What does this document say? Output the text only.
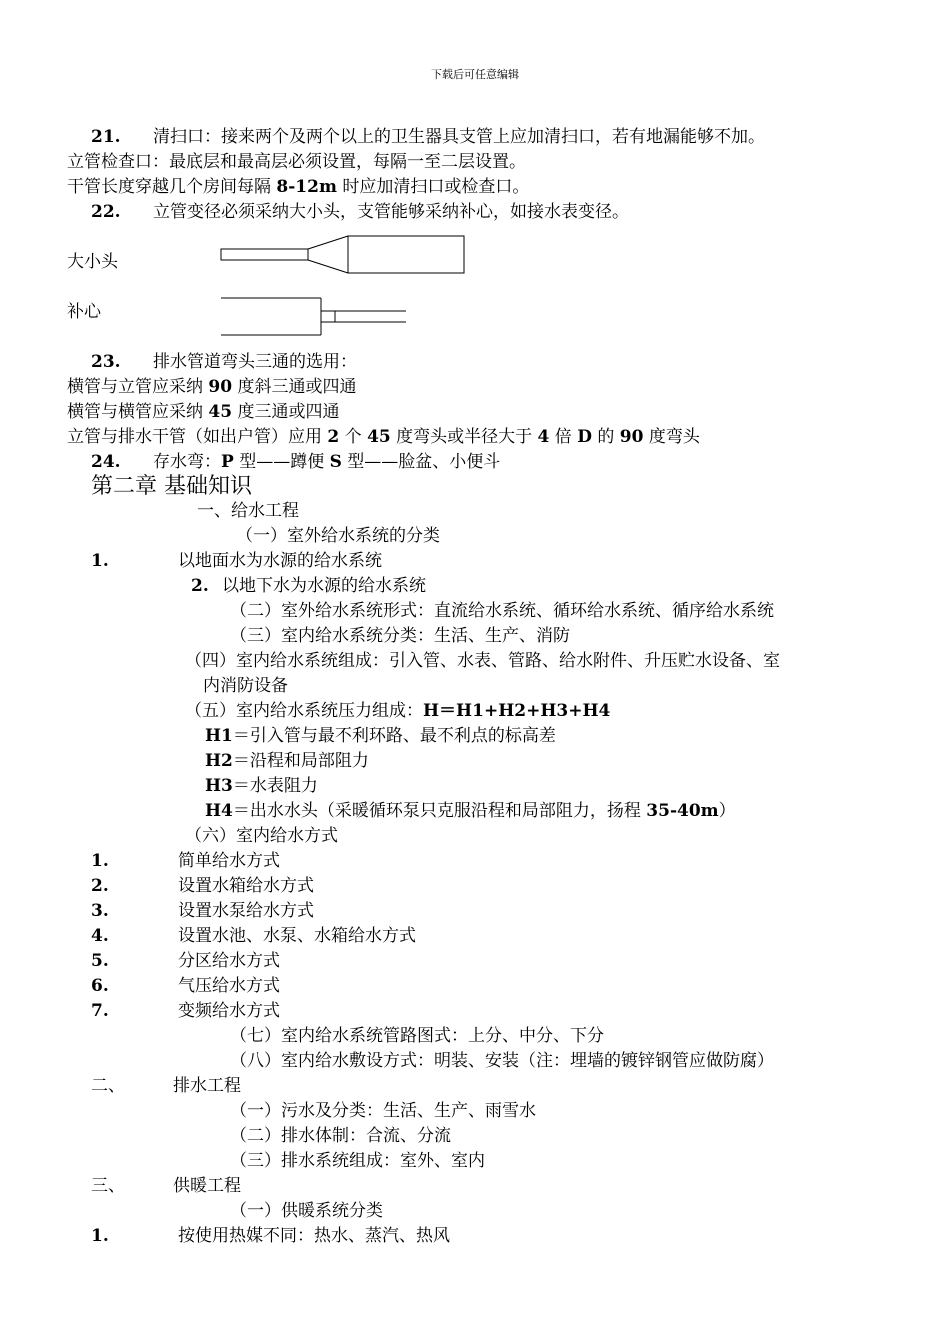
下载后可任意编辑
21. 清扫口：接来两个及两个以上的卫生器具支管上应加清扫口，若有地漏能够不加。
立管检查口：最底层和最高层必须设置，每隔一至二层设置。
干管长度穿越几个房间每隔 8-12m 时应加清扫口或检查口。
22. 立管变径必须采纳大小头，支管能够采纳补心，如接水表变径。
大小头
补心
23. 排水管道弯头三通的选用：
横管与立管应采纳 90 度斜三通或四通
横管与横管应采纳 45 度三通或四通
立管与排水干管（如出户管）应用 2 个 45 度弯头或半径大于 4 倍 D 的 90 度弯头
24. 存水弯：P 型——蹲便 S 型——脸盆、小便斗
第二章 基础知识
一、给水工程
（一）室外给水系统的分类
1.	以地面水为水源的给水系统
2. 以地下水为水源的给水系统
（二）室外给水系统形式：直流给水系统、循环给水系统、循序给水系统
（三）室内给水系统分类：生活、生产、消防
（四）室内给水系统组成：引入管、水表、管路、给水附件、升压贮水设备、室
内消防设备
（五）室内给水系统压力组成：H＝H1+H2+H3+H4
H1＝引入管与最不利环路、最不利点的标高差
H2＝沿程和局部阻力
H3＝水表阻力
H4＝出水水头（采暖循环泵只克服沿程和局部阻力，扬程 35-40m）
（六）室内给水方式
1.	简单给水方式
2.	设置水箱给水方式
3.	设置水泵给水方式
4.	设置水池、水泵、水箱给水方式
5.	分区给水方式
6.	气压给水方式
7.	变频给水方式
（七）室内给水系统管路图式：上分、中分、下分
（八）室内给水敷设方式：明装、安装（注：埋墙的镀锌钢管应做防腐）
二、	排水工程
（一）污水及分类：生活、生产、雨雪水
（二）排水体制：合流、分流
（三）排水系统组成：室外、室内
三、	供暖工程
（一）供暖系统分类
1.	按使用热媒不同：热水、蒸汽、热风
